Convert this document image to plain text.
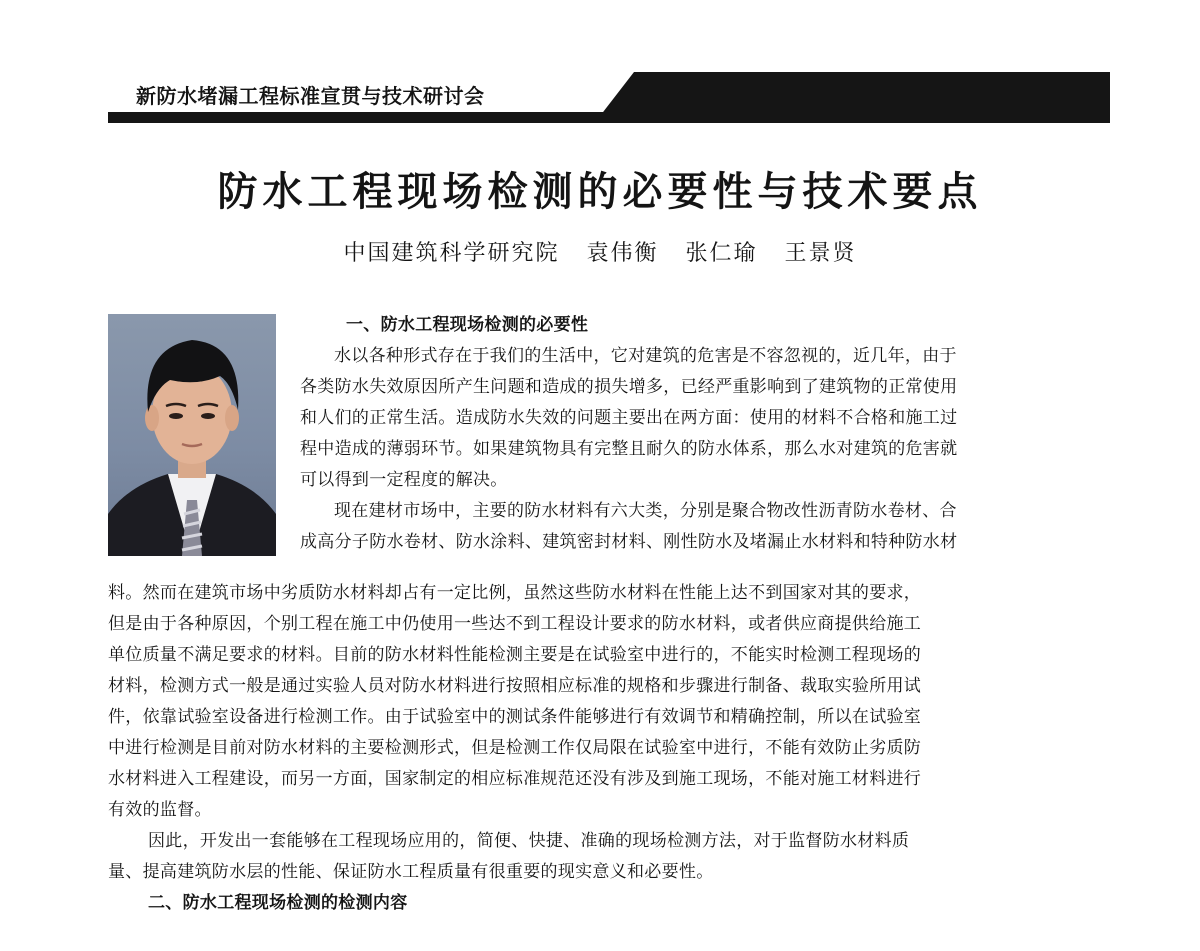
新防水堵漏工程标准宣贯与技术研讨会
防水工程现场检测的必要性与技术要点
中国建筑科学研究院 袁伟衡 张仁瑜 王景贤
一、防水工程现场检测的必要性
水以各种形式存在于我们的生活中，它对建筑的危害是不容忽视的，近几年，由于
各类防水失效原因所产生问题和造成的损失增多，已经严重影响到了建筑物的正常使用
和人们的正常生活。造成防水失效的问题主要出在两方面：使用的材料不合格和施工过
程中造成的薄弱环节。如果建筑物具有完整且耐久的防水体系，那么水对建筑的危害就
可以得到一定程度的解决。
现在建材市场中，主要的防水材料有六大类，分别是聚合物改性沥青防水卷材、合
成高分子防水卷材、防水涂料、建筑密封材料、刚性防水及堵漏止水材料和特种防水材
料。然而在建筑市场中劣质防水材料却占有一定比例，虽然这些防水材料在性能上达不到国家对其的要求，
但是由于各种原因，个别工程在施工中仍使用一些达不到工程设计要求的防水材料，或者供应商提供给施工
单位质量不满足要求的材料。目前的防水材料性能检测主要是在试验室中进行的，不能实时检测工程现场的
材料，检测方式一般是通过实验人员对防水材料进行按照相应标准的规格和步骤进行制备、裁取实验所用试
件，依靠试验室设备进行检测工作。由于试验室中的测试条件能够进行有效调节和精确控制，所以在试验室
中进行检测是目前对防水材料的主要检测形式，但是检测工作仅局限在试验室中进行，不能有效防止劣质防
水材料进入工程建设，而另一方面，国家制定的相应标准规范还没有涉及到施工现场，不能对施工材料进行
有效的监督。
因此，开发出一套能够在工程现场应用的，简便、快捷、准确的现场检测方法，对于监督防水材料质
量、提高建筑防水层的性能、保证防水工程质量有很重要的现实意义和必要性。
二、防水工程现场检测的检测内容
